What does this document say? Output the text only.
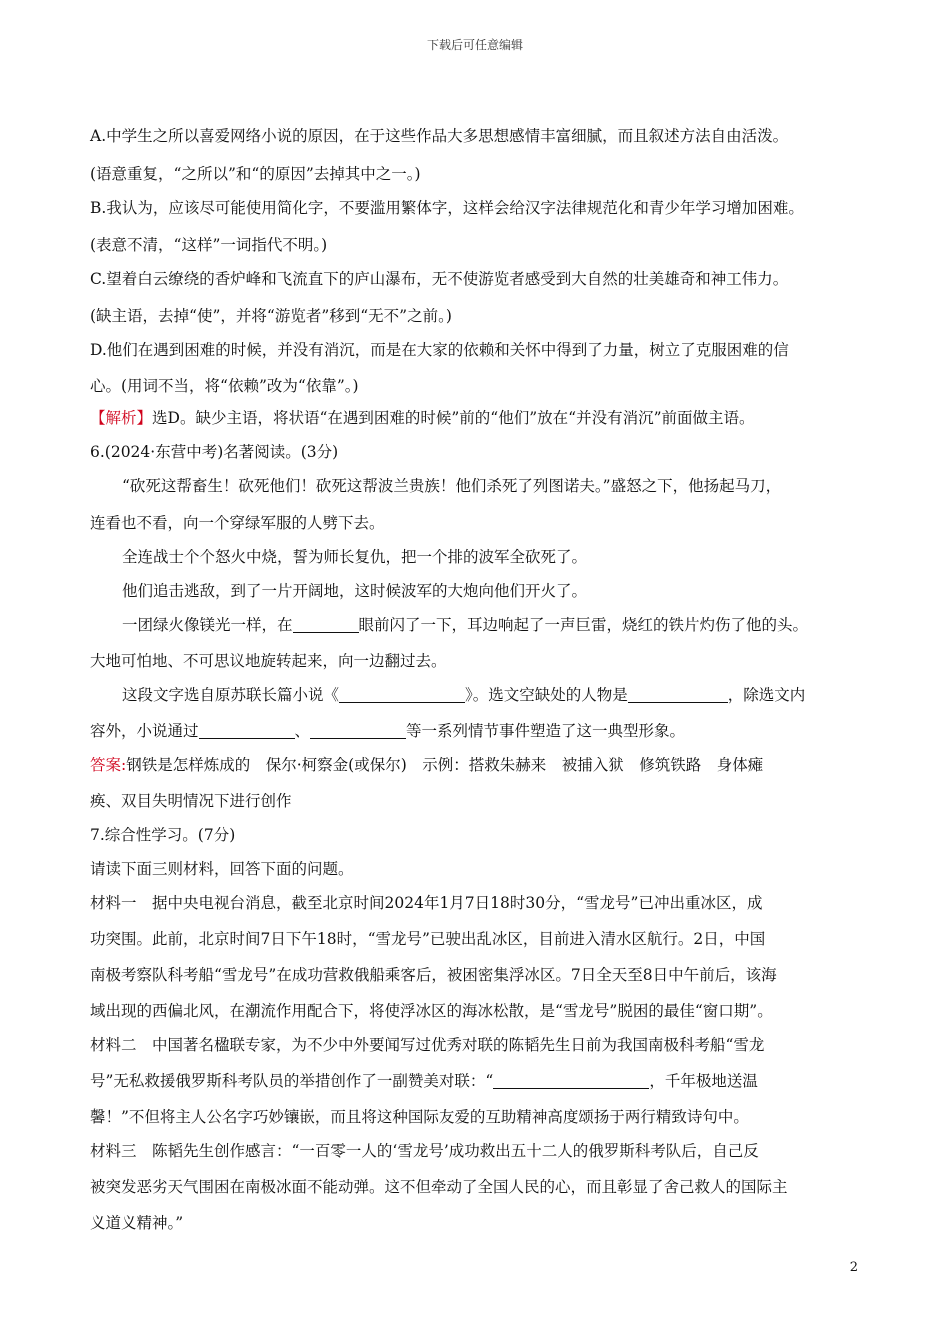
下载后可任意编辑
A.中学生之所以喜爱网络小说的原因，在于这些作品大多思想感情丰富细腻，而且叙述方法自由活泼。
(语意重复，“之所以”和“的原因”去掉其中之一。)
B.我认为，应该尽可能使用简化字，不要滥用繁体字，这样会给汉字法律规范化和青少年学习增加困难。
(表意不清，“这样”一词指代不明。)
C.望着白云缭绕的香炉峰和飞流直下的庐山瀑布，无不使游览者感受到大自然的壮美雄奇和神工伟力。
(缺主语，去掉“使”，并将“游览者”移到“无不”之前。)
D.他们在遇到困难的时候，并没有消沉，而是在大家的依赖和关怀中得到了力量，树立了克服困难的信
心。(用词不当，将“依赖”改为“依靠”。)
【解析】选D。缺少主语，将状语“在遇到困难的时候”前的“他们”放在“并没有消沉”前面做主语。
6.(2024·东营中考)名著阅读。(3分)
“砍死这帮畜生！砍死他们！砍死这帮波兰贵族！他们杀死了列图诺夫。”盛怒之下，他扬起马刀，
连看也不看，向一个穿绿军服的人劈下去。
全连战士个个怒火中烧，誓为师长复仇，把一个排的波军全砍死了。
他们追击逃敌，到了一片开阔地，这时候波军的大炮向他们开火了。
一团绿火像镁光一样，在	眼前闪了一下，耳边响起了一声巨雷，烧红的铁片灼伤了他的头。
大地可怕地、不可思议地旋转起来，向一边翻过去。
这段文字选自原苏联长篇小说《	》。选文空缺处的人物是	，除选文内
容外，小说通过	、	等一系列情节事件塑造了这一典型形象。
答案:钢铁是怎样炼成的　保尔·柯察金(或保尔)　示例：搭救朱赫来　被捕入狱　修筑铁路　身体瘫
痪、双目失明情况下进行创作
7.综合性学习。(7分)
请读下面三则材料，回答下面的问题。
材料一　据中央电视台消息，截至北京时间2024年1月7日18时30分，“雪龙号”已冲出重冰区，成
功突围。此前，北京时间7日下午18时，“雪龙号”已驶出乱冰区，目前进入清水区航行。2日，中国
南极考察队科考船“雪龙号”在成功营救俄船乘客后，被困密集浮冰区。7日全天至8日中午前后，该海
域出现的西偏北风，在潮流作用配合下，将使浮冰区的海冰松散，是“雪龙号”脱困的最佳“窗口期”。
材料二　中国著名楹联专家，为不少中外要闻写过优秀对联的陈韬先生日前为我国南极科考船“雪龙
号”无私救援俄罗斯科考队员的举措创作了一副赞美对联：“	，千年极地送温
馨！”不但将主人公名字巧妙镶嵌，而且将这种国际友爱的互助精神高度颂扬于两行精致诗句中。
材料三　陈韬先生创作感言：“一百零一人的‘雪龙号’成功救出五十二人的俄罗斯科考队后，自己反
被突发恶劣天气围困在南极冰面不能动弹。这不但牵动了全国人民的心，而且彰显了舍己救人的国际主
义道义精神。”
2
